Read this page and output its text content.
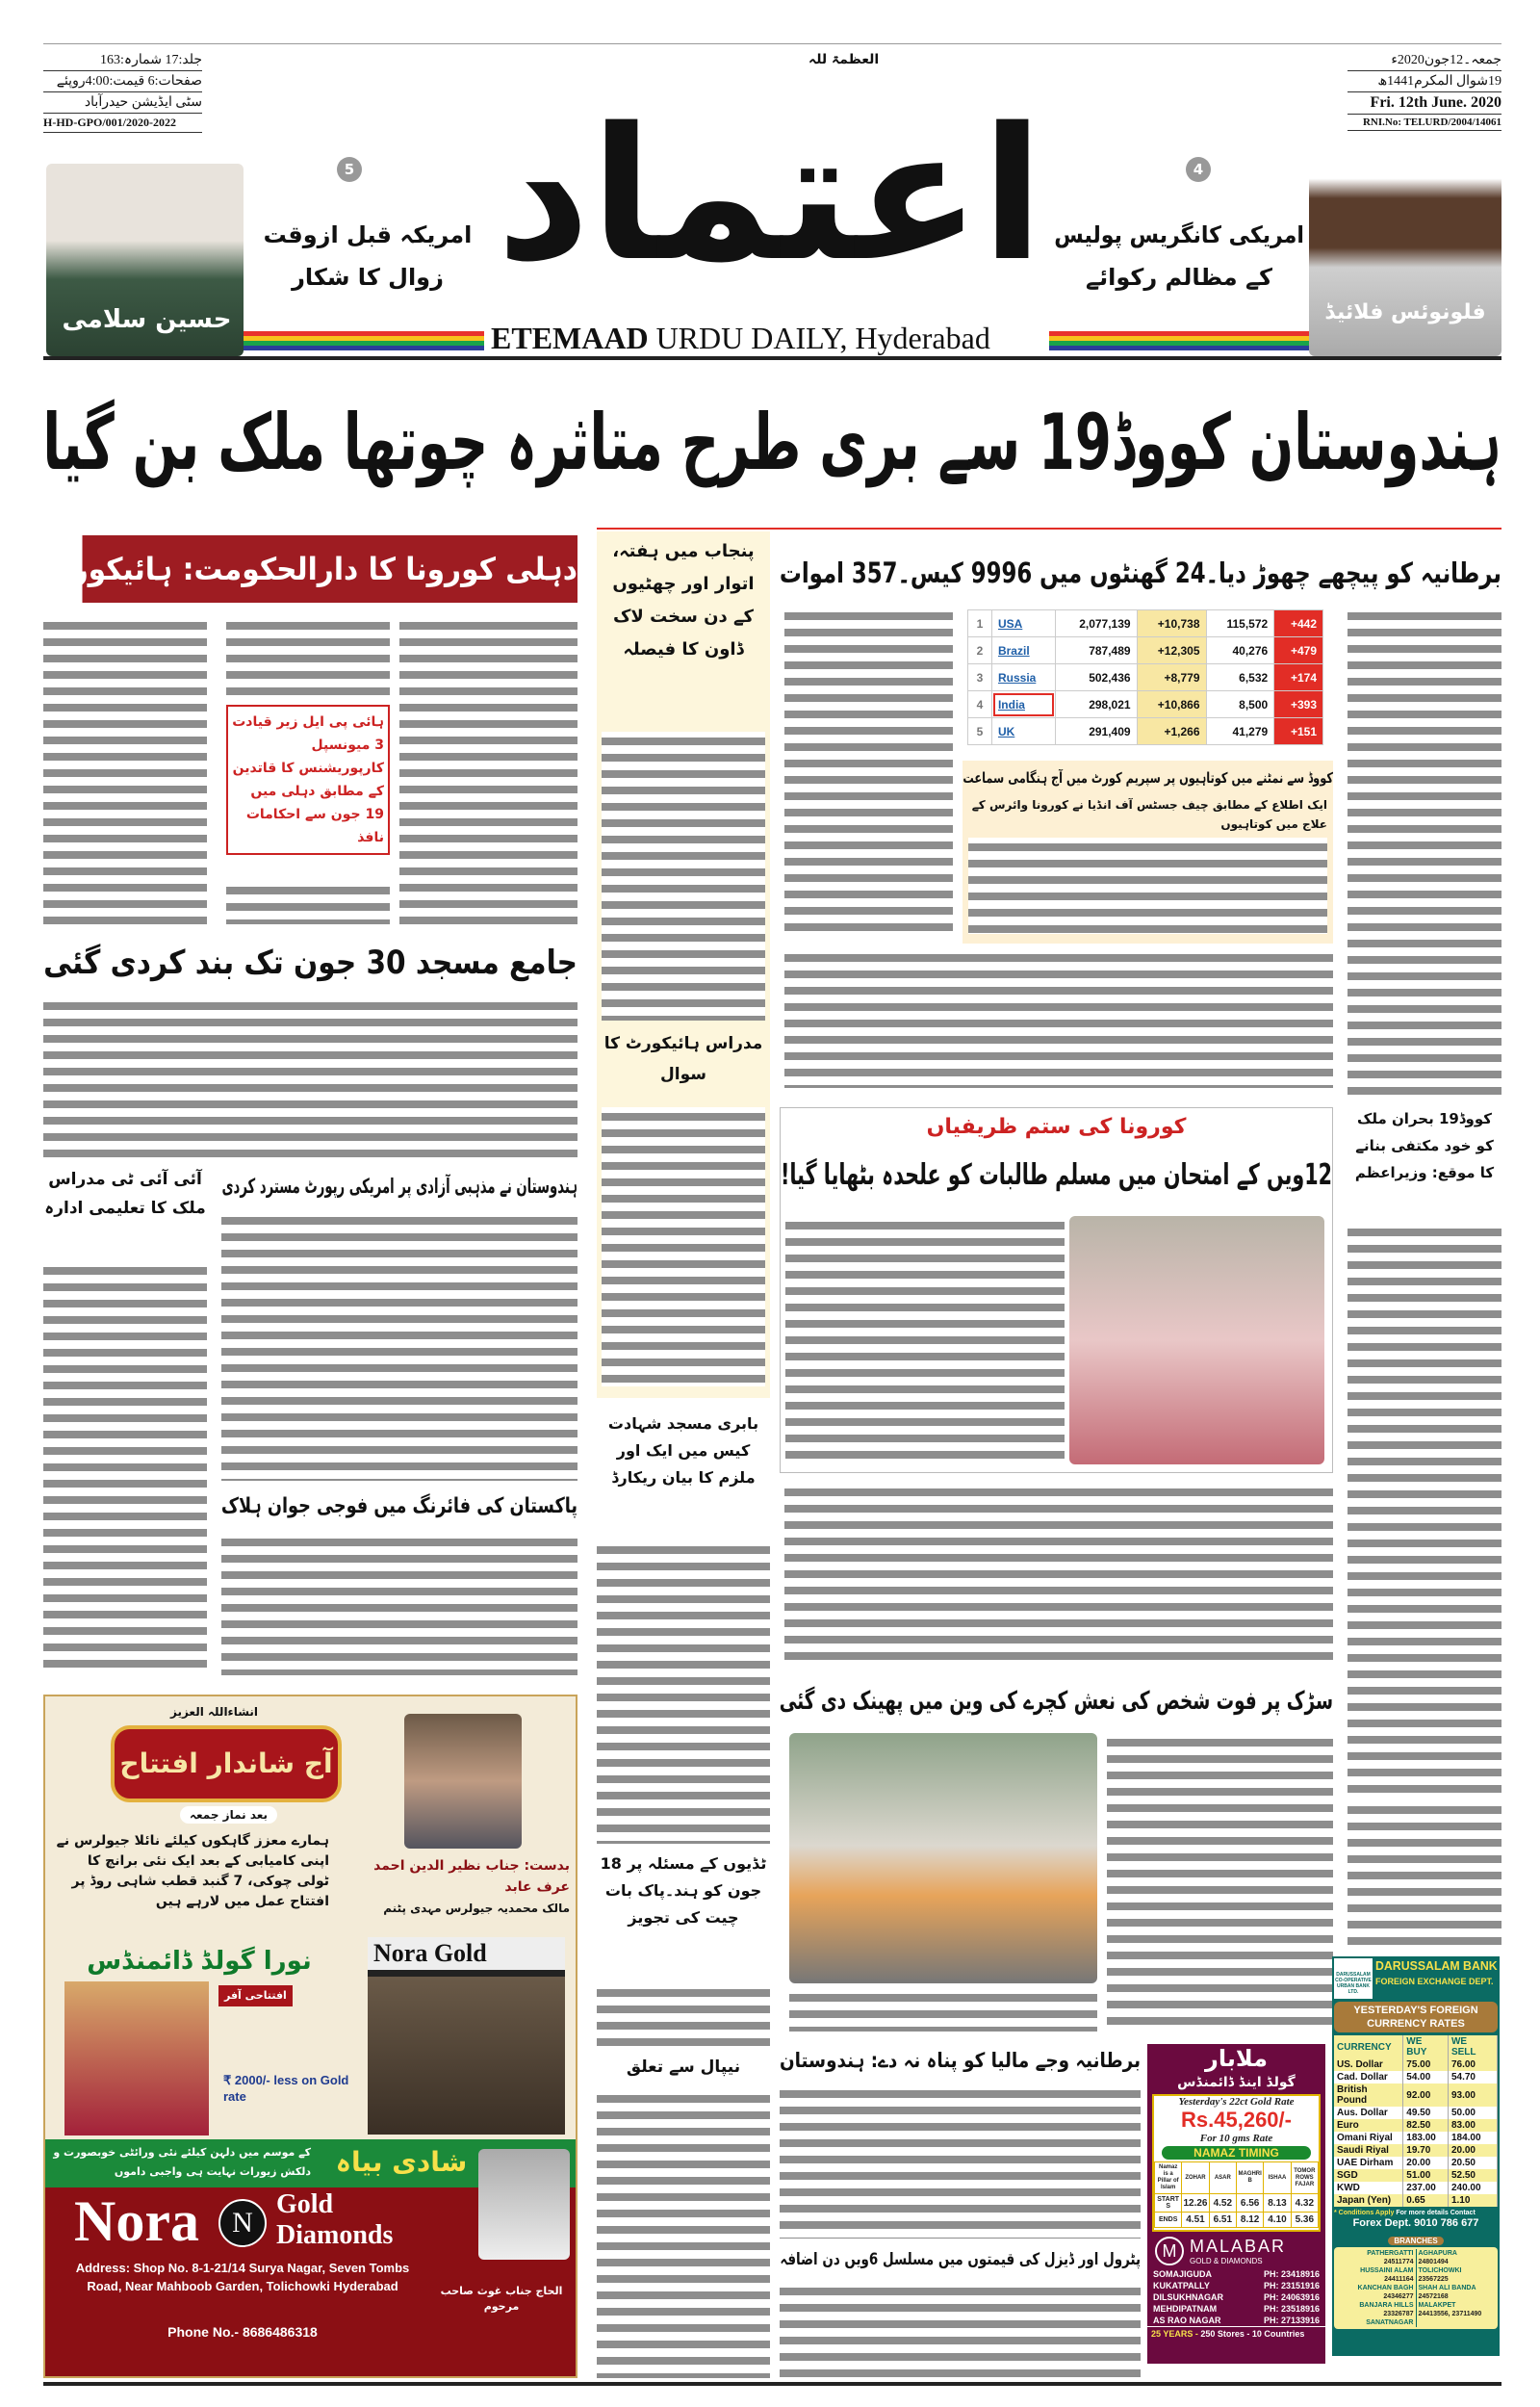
جلد:17 شمارہ:163
صفحات:6 قیمت:4:00روپئے
سٹی ایڈیشن حیدرآباد
H-HD-GPO/001/2020-2022
جمعہ۔12جون2020ء
19شوال المکرم1441ھ
Fri. 12th June. 2020
RNI.No: TELURD/2004/14061
العظمۃ للہ
اعتماد
ETEMAAD URDU DAILY, Hyderabad
حسین سلامی
5
امریکہ قبل ازوقت
زوال کا شکار
فلونوئس فلائیڈ
4
امریکی کانگریس پولیس
کے مظالم رکوائے
ہندوستان کووڈ19 سے بری طرح متاثرہ چوتھا ملک بن گیا
دہلی کورونا کا دارالحکومت: ہائیکورٹ
ہائی پی ایل زیر قیادت 3 میونسپل کارپوریشنس کا قاتدین کے مطابق دہلی میں 19 جون سے احکامات نافذ
جامع مسجد 30 جون تک بند کردی گئی
آئی آئی ٹی مدراس ملک کا تعلیمی ادارہ
ہندوستان نے مذہبی آزادی پر امریکی رپورٹ مسترد کردی
پاکستان کی فائرنگ میں فوجی جوان ہلاک
انشاءاللہ العزیز
آج شاندار افتتاح
بعد نماز جمعہ
ہمارے معزز گاہکوں کیلئے نائلا جیولرس نے اپنی کامیابی کے بعد ایک نئی برانچ کا ٹولی چوکی، 7 گنبد قطب شاہی روڈ پر افتتاح عمل میں لارہے ہیں
بدست: جناب نظیر الدین احمد عرف عابد
مالک محمدیہ جیولرس مہدی پٹنم
نورا گولڈ ڈائمنڈس
افتتاحی آفر
₹ 2000/- less on Gold rate
Nora Gold
کے موسم میں دلہن کیلئے نئی ورائٹی خوبصورت و دلکش زیورات نہایت ہی واجبی داموں شادی بیاہ
Nora	N
Gold
Diamonds
Address: Shop No. 8-1-21/14 Surya Nagar, Seven Tombs Road, Near Mahboob Garden, Tolichowki Hyderabad
Phone No.- 8686486318
الحاج جناب غوث صاحب مرحوم
پنجاب میں ہفتہ، اتوار اور چھٹیوں کے دن سخت لاک ڈاون کا فیصلہ
مدراس ہائیکورٹ کا سوال
بابری مسجد شہادت کیس میں ایک اور ملزم کا بیان ریکارڈ
ٹڈیوں کے مسئلہ پر 18 جون کو ہند۔پاک بات چیت کی تجویز
نیپال سے تعلق
برطانیہ کو پیچھے چھوڑ دیا۔24 گھنٹوں میں 9996 کیس۔357 اموات
1	USA	2,077,139	+10,738	115,572	+442
2	Brazil	787,489	+12,305	40,276	+479
3	Russia	502,436	+8,779	6,532	+174
4	India	298,021	+10,866	8,500	+393
5	UK	291,409	+1,266	41,279	+151
کووڈ سے نمٹنے میں کوتاہیوں پر سپریم کورٹ میں آج ہنگامی سماعت
ایک اطلاع کے مطابق چیف جسٹس آف انڈیا نے کورونا وائرس کے علاج میں کوتاہیوں
کووڈ19 بحران ملک کو خود مکتفی بنانے کا موقع: وزیراعظم
کورونا کی ستم ظریفیاں
12ویں کے امتحان میں مسلم طالبات کو علحدہ بٹھایا گیا!
سڑک پر فوت شخص کی نعش کچرے کی وین میں پھینک دی گئی
برطانیہ وجے مالیا کو پناہ نہ دے: ہندوستان
پٹرول اور ڈیزل کی قیمتوں میں مسلسل 6ویں دن اضافہ
ملابار
گولڈ اینڈ ڈائمنڈس
Yesterday's 22ct Gold Rate
Rs.45,260/-
For 10 gms Rate
NAMAZ TIMING
Namaz is a Pillar of Islam	ZOHAR	ASAR	MAGHRIB	ISHAA	TOMORROWS FAJAR
STARTS	12.26	4.52	6.56	8.13	4.32
ENDS	4.51	6.51	8.12	4.10	5.36
M MALABAR
GOLD & DIAMONDS
SOMAJIGUDA	PH: 23418916
KUKATPALLY	PH: 23151916
DILSUKHNAGAR	PH: 24063916
MEHDIPATNAM	PH: 23518916
AS RAO NAGAR	PH: 27133916
25 YEARS - 250 Stores - 10 Countries
DARUSSALAM CO-OPERATIVE URBAN BANK LTD.
DARUSSALAM BANK
FOREIGN EXCHANGE DEPT.
YESTERDAY'S FOREIGN CURRENCY RATES
CURRENCY	WE BUY	WE SELL
US. Dollar	75.00	76.00
Cad. Dollar	54.00	54.70
British Pound	92.00	93.00
Aus. Dollar	49.50	50.00
Euro	82.50	83.00
Omani Riyal	183.00	184.00
Saudi Riyal	19.70	20.00
UAE Dirham	20.00	20.50
SGD	51.00	52.50
KWD	237.00	240.00
Japan (Yen)	0.65	1.10
* Conditions Apply For more details Contact
Forex Dept. 9010 786 677
BRANCHES
PATHERGATTI
24511774
HUSSAINI ALAM
24411164
KANCHAN BAGH
24346277
BANJARA HILLS
23326787
SANATNAGAR
AGHAPURA
24801494
TOLICHOWKI
23567225
SHAH ALI BANDA
24572168
MALAKPET
24413556, 23711490
